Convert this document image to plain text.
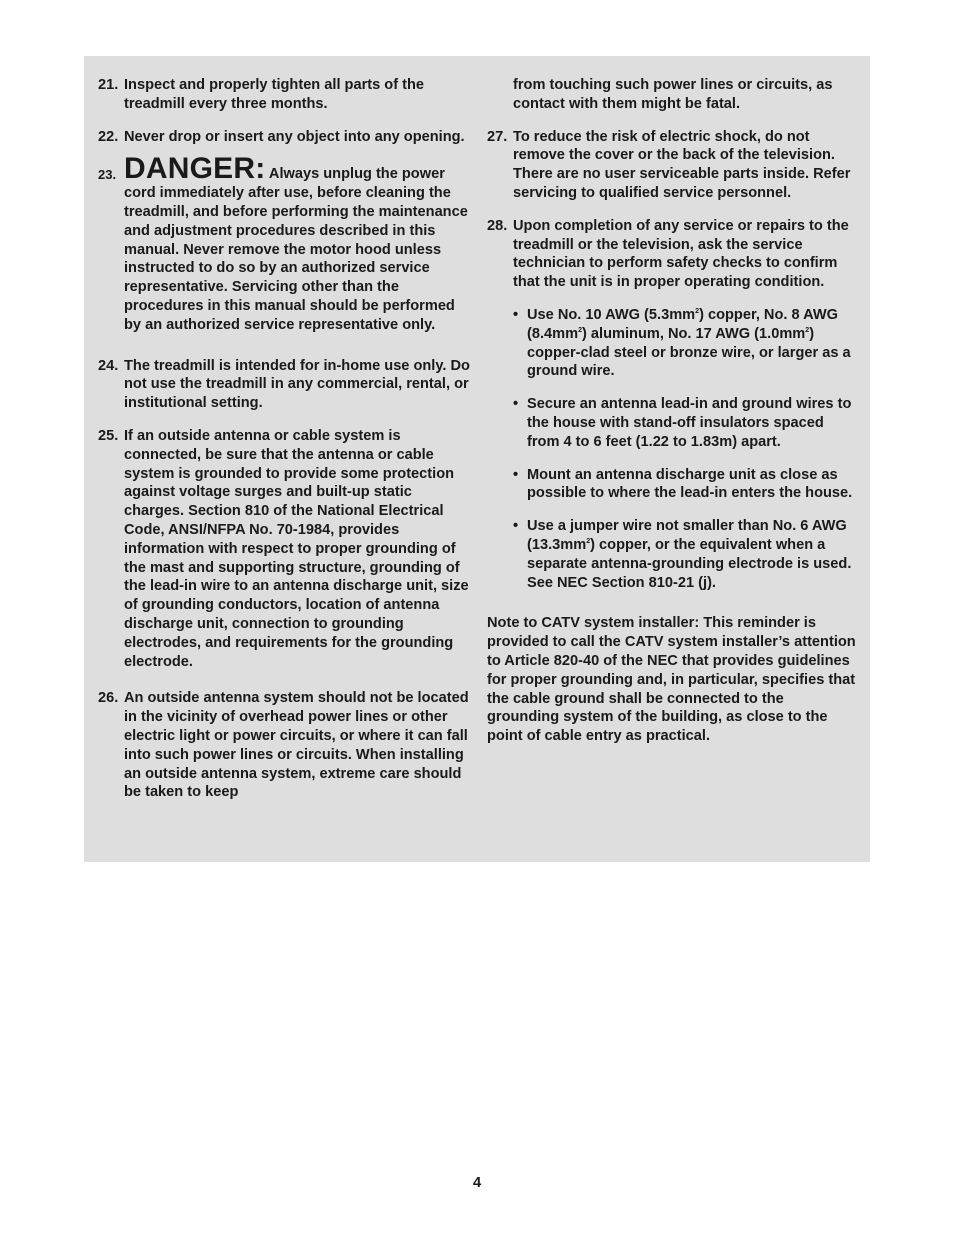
21. Inspect and properly tighten all parts of the treadmill every three months.

22. Never drop or insert any object into any opening.

23. DANGER: Always unplug the power cord immediately after use, before cleaning the treadmill, and before performing the maintenance and adjustment procedures described in this manual. Never remove the motor hood unless instructed to do so by an authorized service representative. Servicing other than the procedures in this manual should be performed by an authorized service representative only.

24. The treadmill is intended for in-home use only. Do not use the treadmill in any commercial, rental, or institutional setting.

25. If an outside antenna or cable system is connected, be sure that the antenna or cable system is grounded to provide some protection against voltage surges and built-up static charges. Section 810 of the National Electrical Code, ANSI/NFPA No. 70-1984, provides information with respect to proper grounding of the mast and supporting structure, grounding of the lead-in wire to an antenna discharge unit, size of grounding conductors, location of antenna discharge unit, connection to grounding electrodes, and requirements for the grounding electrode.

26. An outside antenna system should not be located in the vicinity of overhead power lines or other electric light or power circuits, or where it can fall into such power lines or circuits. When installing an outside antenna system, extreme care should be taken to keep

from touching such power lines or circuits, as contact with them might be fatal.

27. To reduce the risk of electric shock, do not remove the cover or the back of the television. There are no user serviceable parts inside. Refer servicing to qualified service personnel.

28. Upon completion of any service or repairs to the treadmill or the television, ask the service technician to perform safety checks to confirm that the unit is in proper operating condition.

• Use No. 10 AWG $(5.3mm^2)$ copper, No. 8 AWG $(8.4mm^2)$ aluminum, No. 17 AWG $(1.0mm^2)$ copper-clad steel or bronze wire, or larger as a ground wire.
• Secure an antenna lead-in and ground wires to the house with stand-off insulators spaced from 4 to 6 feet (1.22 to 1.83m) apart.
• Mount an antenna discharge unit as close as possible to where the lead-in enters the house.
• Use a jumper wire not smaller than No. 6 AWG $(13.3mm^2)$ copper, or the equivalent when a separate antenna-grounding electrode is used. See NEC Section 810-21 (j).

Note to CATV system installer: This reminder is provided to call the CATV system installer’s attention to Article 820-40 of the NEC that provides guidelines for proper grounding and, in particular, specifies that the cable ground shall be connected to the grounding system of the building, as close to the point of cable entry as practical.

4
